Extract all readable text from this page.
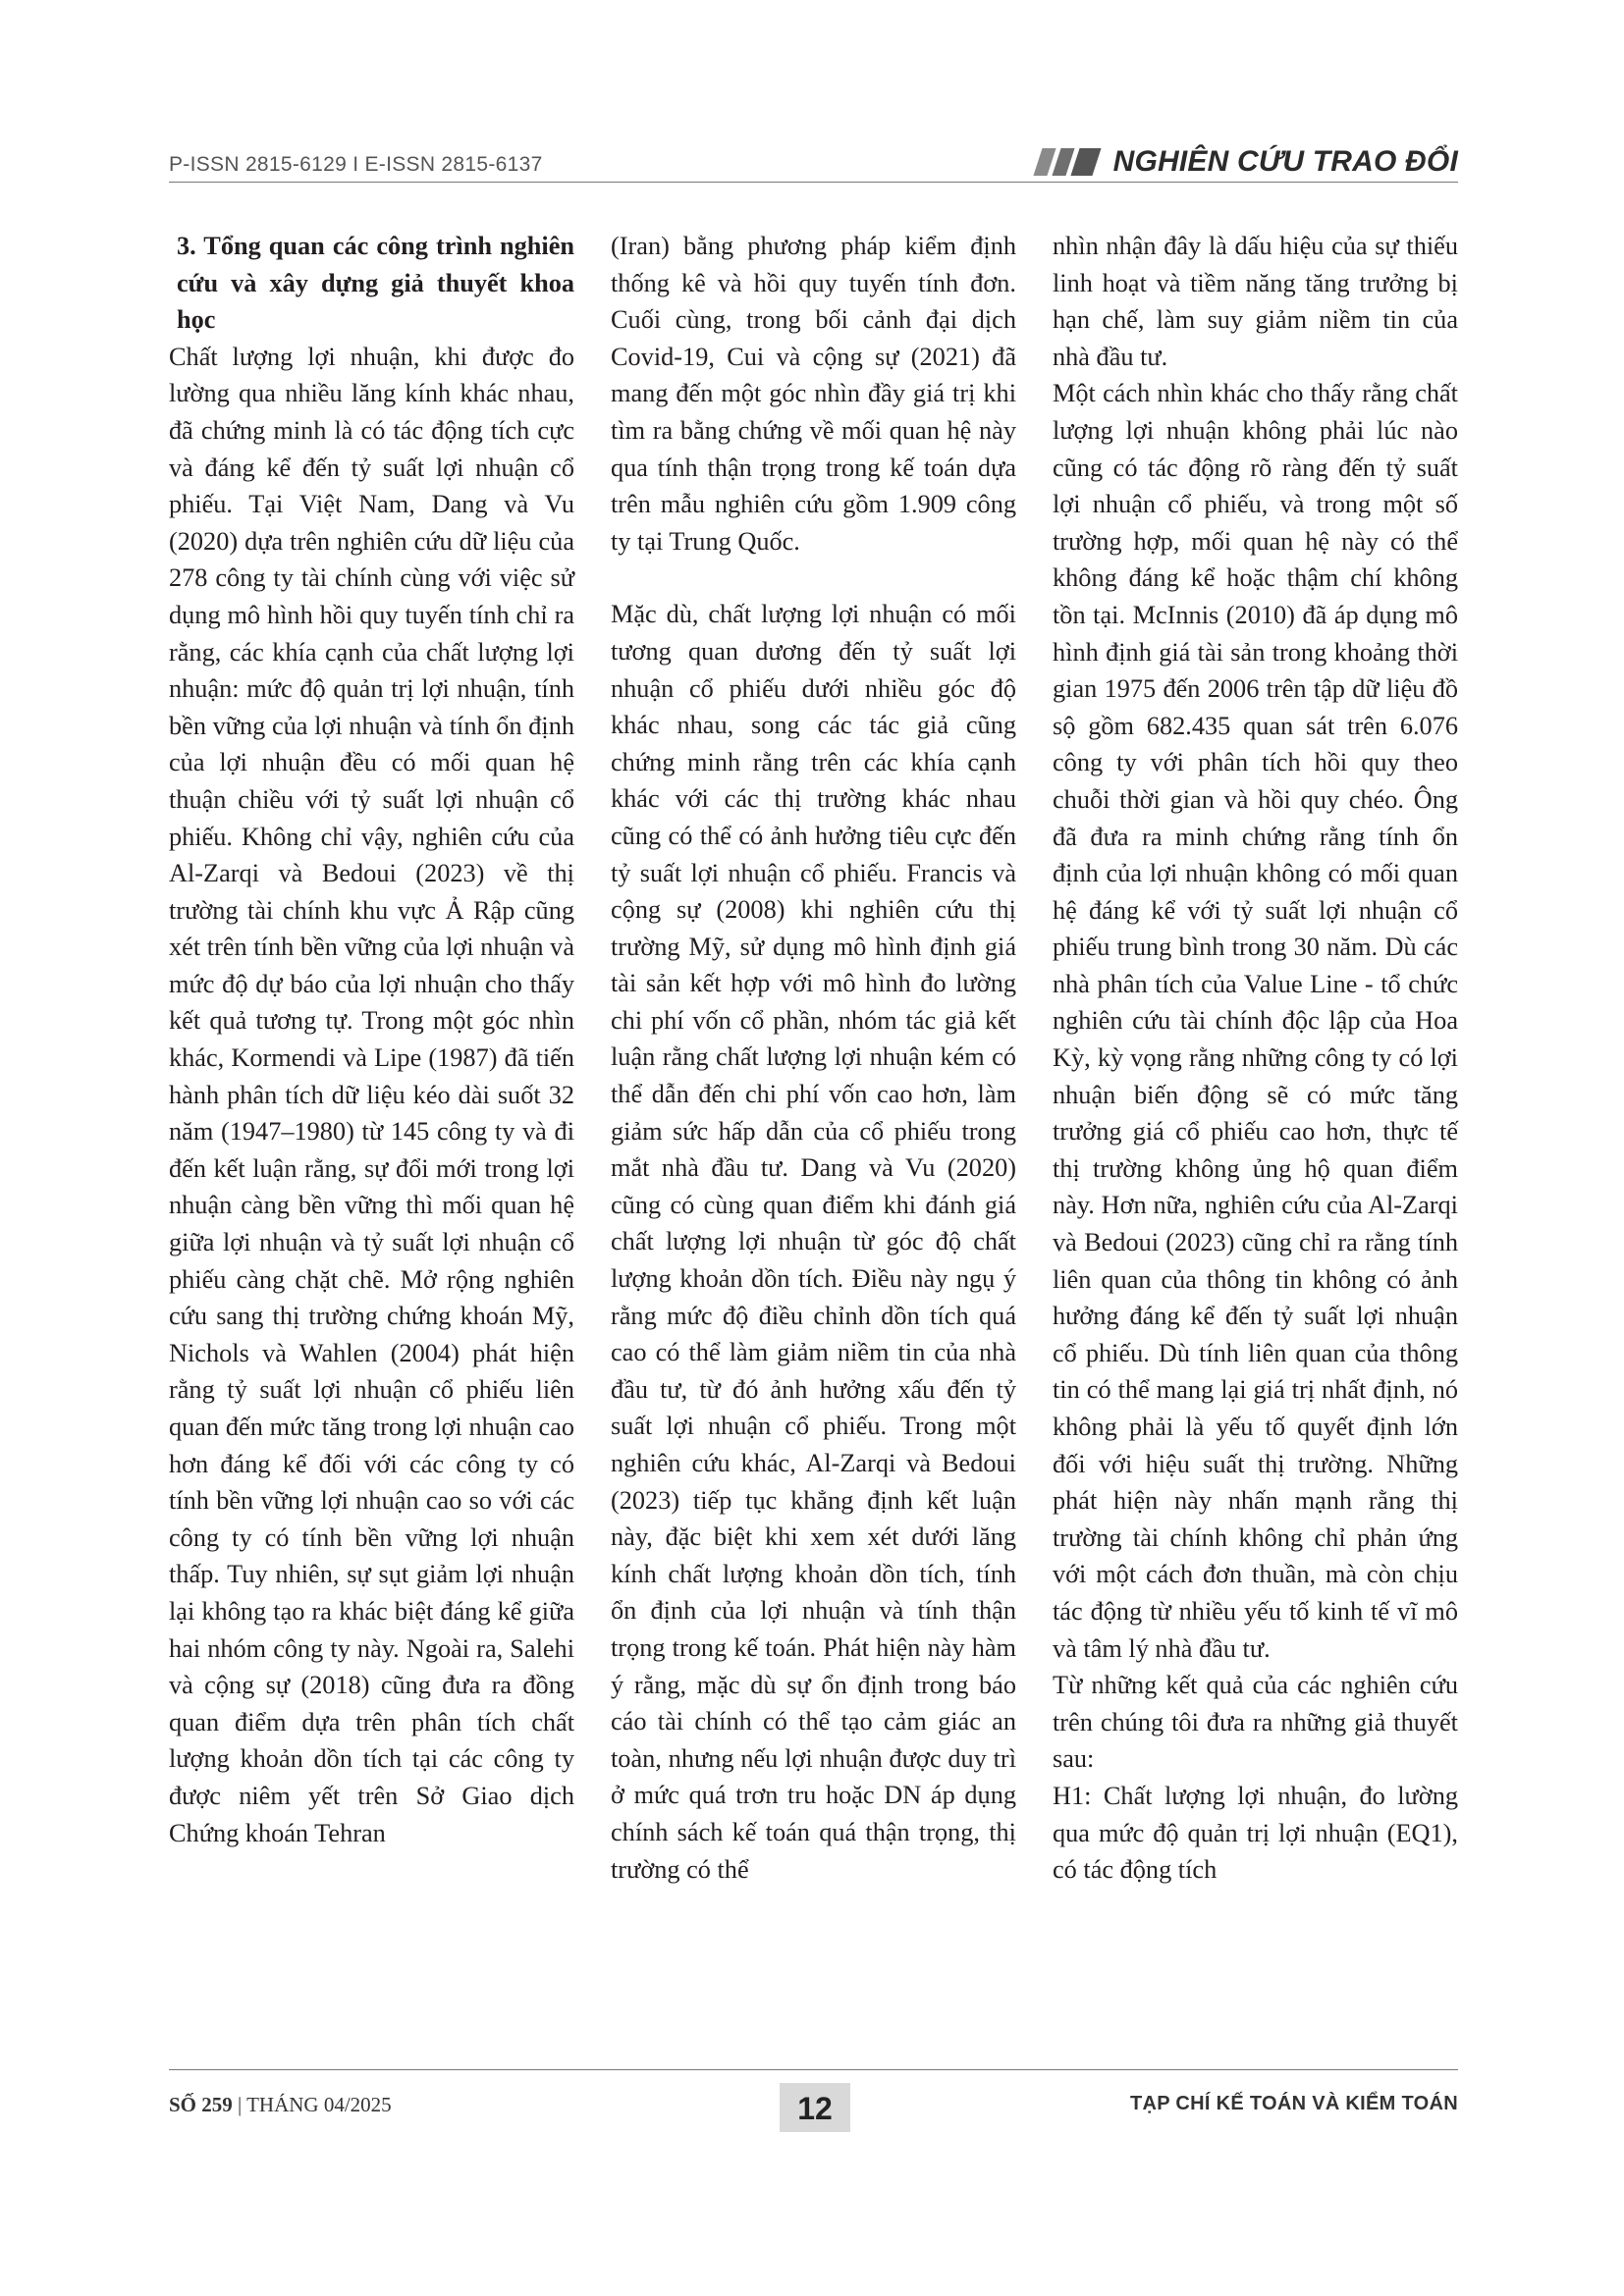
P-ISSN 2815-6129 I E-ISSN 2815-6137	NGHIÊN CỨU TRAO ĐỔI
3. Tổng quan các công trình nghiên cứu và xây dựng giả thuyết khoa học

Chất lượng lợi nhuận, khi được đo lường qua nhiều lăng kính khác nhau, đã chứng minh là có tác động tích cực và đáng kể đến tỷ suất lợi nhuận cổ phiếu. Tại Việt Nam, Dang và Vu (2020) dựa trên nghiên cứu dữ liệu của 278 công ty tài chính cùng với việc sử dụng mô hình hồi quy tuyến tính chỉ ra rằng, các khía cạnh của chất lượng lợi nhuận: mức độ quản trị lợi nhuận, tính bền vững của lợi nhuận và tính ổn định của lợi nhuận đều có mối quan hệ thuận chiều với tỷ suất lợi nhuận cổ phiếu. Không chỉ vậy, nghiên cứu của Al-Zarqi và Bedoui (2023) về thị trường tài chính khu vực Ả Rập cũng xét trên tính bền vững của lợi nhuận và mức độ dự báo của lợi nhuận cho thấy kết quả tương tự. Trong một góc nhìn khác, Kormendi và Lipe (1987) đã tiến hành phân tích dữ liệu kéo dài suốt 32 năm (1947–1980) từ 145 công ty và đi đến kết luận rằng, sự đổi mới trong lợi nhuận càng bền vững thì mối quan hệ giữa lợi nhuận và tỷ suất lợi nhuận cổ phiếu càng chặt chẽ. Mở rộng nghiên cứu sang thị trường chứng khoán Mỹ, Nichols và Wahlen (2004) phát hiện rằng tỷ suất lợi nhuận cổ phiếu liên quan đến mức tăng trong lợi nhuận cao hơn đáng kể đối với các công ty có tính bền vững lợi nhuận cao so với các công ty có tính bền vững lợi nhuận thấp. Tuy nhiên, sự sụt giảm lợi nhuận lại không tạo ra khác biệt đáng kể giữa hai nhóm công ty này. Ngoài ra, Salehi và cộng sự (2018) cũng đưa ra đồng quan điểm dựa trên phân tích chất lượng khoản dồn tích tại các công ty được niêm yết trên Sở Giao dịch Chứng khoán Tehran

(Iran) bằng phương pháp kiểm định thống kê và hồi quy tuyến tính đơn. Cuối cùng, trong bối cảnh đại dịch Covid-19, Cui và cộng sự (2021) đã mang đến một góc nhìn đầy giá trị khi tìm ra bằng chứng về mối quan hệ này qua tính thận trọng trong kế toán dựa trên mẫu nghiên cứu gồm 1.909 công ty tại Trung Quốc.

Mặc dù, chất lượng lợi nhuận có mối tương quan dương đến tỷ suất lợi nhuận cổ phiếu dưới nhiều góc độ khác nhau, song các tác giả cũng chứng minh rằng trên các khía cạnh khác với các thị trường khác nhau cũng có thể có ảnh hưởng tiêu cực đến tỷ suất lợi nhuận cổ phiếu. Francis và cộng sự (2008) khi nghiên cứu thị trường Mỹ, sử dụng mô hình định giá tài sản kết hợp với mô hình đo lường chi phí vốn cổ phần, nhóm tác giả kết luận rằng chất lượng lợi nhuận kém có thể dẫn đến chi phí vốn cao hơn, làm giảm sức hấp dẫn của cổ phiếu trong mắt nhà đầu tư. Dang và Vu (2020) cũng có cùng quan điểm khi đánh giá chất lượng lợi nhuận từ góc độ chất lượng khoản dồn tích. Điều này ngụ ý rằng mức độ điều chỉnh dồn tích quá cao có thể làm giảm niềm tin của nhà đầu tư, từ đó ảnh hưởng xấu đến tỷ suất lợi nhuận cổ phiếu. Trong một nghiên cứu khác, Al-Zarqi và Bedoui (2023) tiếp tục khẳng định kết luận này, đặc biệt khi xem xét dưới lăng kính chất lượng khoản dồn tích, tính ổn định của lợi nhuận và tính thận trọng trong kế toán. Phát hiện này hàm ý rằng, mặc dù sự ổn định trong báo cáo tài chính có thể tạo cảm giác an toàn, nhưng nếu lợi nhuận được duy trì ở mức quá trơn tru hoặc DN áp dụng chính sách kế toán quá thận trọng, thị trường có thể

nhìn nhận đây là dấu hiệu của sự thiếu linh hoạt và tiềm năng tăng trưởng bị hạn chế, làm suy giảm niềm tin của nhà đầu tư.

Một cách nhìn khác cho thấy rằng chất lượng lợi nhuận không phải lúc nào cũng có tác động rõ ràng đến tỷ suất lợi nhuận cổ phiếu, và trong một số trường hợp, mối quan hệ này có thể không đáng kể hoặc thậm chí không tồn tại. McInnis (2010) đã áp dụng mô hình định giá tài sản trong khoảng thời gian 1975 đến 2006 trên tập dữ liệu đồ sộ gồm 682.435 quan sát trên 6.076 công ty với phân tích hồi quy theo chuỗi thời gian và hồi quy chéo. Ông đã đưa ra minh chứng rằng tính ổn định của lợi nhuận không có mối quan hệ đáng kể với tỷ suất lợi nhuận cổ phiếu trung bình trong 30 năm. Dù các nhà phân tích của Value Line - tổ chức nghiên cứu tài chính độc lập của Hoa Kỳ, kỳ vọng rằng những công ty có lợi nhuận biến động sẽ có mức tăng trưởng giá cổ phiếu cao hơn, thực tế thị trường không ủng hộ quan điểm này. Hơn nữa, nghiên cứu của Al-Zarqi và Bedoui (2023) cũng chỉ ra rằng tính liên quan của thông tin không có ảnh hưởng đáng kể đến tỷ suất lợi nhuận cổ phiếu. Dù tính liên quan của thông tin có thể mang lại giá trị nhất định, nó không phải là yếu tố quyết định lớn đối với hiệu suất thị trường. Những phát hiện này nhấn mạnh rằng thị trường tài chính không chỉ phản ứng với một cách đơn thuần, mà còn chịu tác động từ nhiều yếu tố kinh tế vĩ mô và tâm lý nhà đầu tư.

Từ những kết quả của các nghiên cứu trên chúng tôi đưa ra những giả thuyết sau:

H1: Chất lượng lợi nhuận, đo lường qua mức độ quản trị lợi nhuận (EQ1), có tác động tích

SỐ 259 | THÁNG 04/2025	12	TẠP CHÍ KẾ TOÁN VÀ KIỂM TOÁN
